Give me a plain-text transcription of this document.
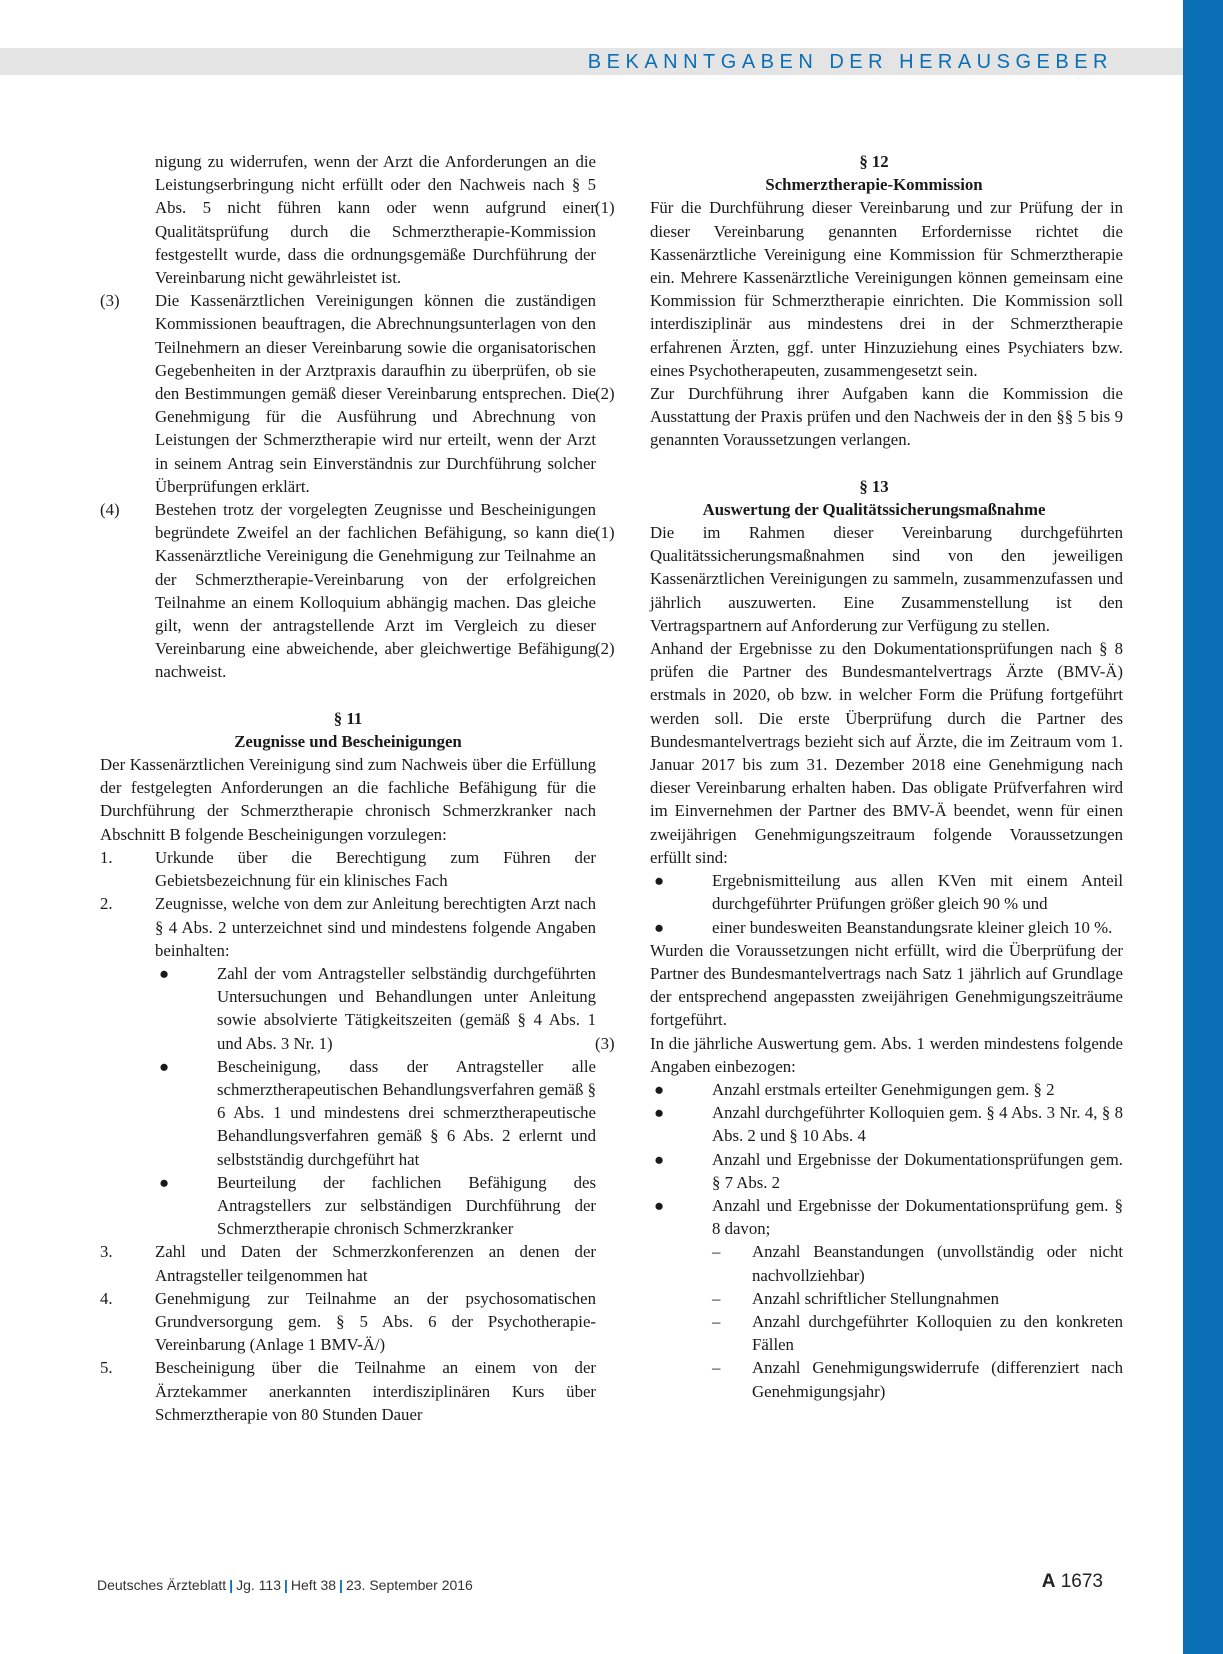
BEKANNTGABEN DER HERAUSGEBER
nigung zu widerrufen, wenn der Arzt die Anforderungen an die Leistungserbringung nicht erfüllt oder den Nachweis nach § 5 Abs. 5 nicht führen kann oder wenn aufgrund einer Qualitätsprüfung durch die Schmerztherapie-Kommission festgestellt wurde, dass die ordnungsgemäße Durchführung der Vereinbarung nicht gewährleistet ist.
(3) Die Kassenärztlichen Vereinigungen können die zuständigen Kommissionen beauftragen, die Abrechnungsunterlagen von den Teilnehmern an dieser Vereinbarung sowie die organisatorischen Gegebenheiten in der Arztpraxis daraufhin zu überprüfen, ob sie den Bestimmungen gemäß dieser Vereinbarung entsprechen. Die Genehmigung für die Ausführung und Abrechnung von Leistungen der Schmerztherapie wird nur erteilt, wenn der Arzt in seinem Antrag sein Einverständnis zur Durchführung solcher Überprüfungen erklärt.
(4) Bestehen trotz der vorgelegten Zeugnisse und Bescheinigungen begründete Zweifel an der fachlichen Befähigung, so kann die Kassenärztliche Vereinigung die Genehmigung zur Teilnahme an der Schmerztherapie-Vereinbarung von der erfolgreichen Teilnahme an einem Kolloquium abhängig machen. Das gleiche gilt, wenn der antragstellende Arzt im Vergleich zu dieser Vereinbarung eine abweichende, aber gleichwertige Befähigung nachweist.
§ 11
Zeugnisse und Bescheinigungen
Der Kassenärztlichen Vereinigung sind zum Nachweis über die Erfüllung der festgelegten Anforderungen an die fachliche Befähigung für die Durchführung der Schmerztherapie chronisch Schmerzkranker nach Abschnitt B folgende Bescheinigungen vorzulegen:
1.	Urkunde über die Berechtigung zum Führen der Gebietsbezeichnung für ein klinisches Fach
2.	Zeugnisse, welche von dem zur Anleitung berechtigten Arzt nach § 4 Abs. 2 unterzeichnet sind und mindestens folgende Angaben beinhalten:
●	Zahl der vom Antragsteller selbständig durchgeführten Untersuchungen und Behandlungen unter Anleitung sowie absolvierte Tätigkeitszeiten (gemäß § 4 Abs. 1 und Abs. 3 Nr. 1)
●	Bescheinigung, dass der Antragsteller alle schmerztherapeutischen Behandlungsverfahren gemäß § 6 Abs. 1 und mindestens drei schmerztherapeutische Behandlungsverfahren gemäß § 6 Abs. 2 erlernt und selbstständig durchgeführt hat
●	Beurteilung der fachlichen Befähigung des Antragstellers zur selbständigen Durchführung der Schmerztherapie chronisch Schmerzkranker
3.	Zahl und Daten der Schmerzkonferenzen an denen der Antragsteller teilgenommen hat
4.	Genehmigung zur Teilnahme an der psychosomatischen Grundversorgung gem. § 5 Abs. 6 der Psychotherapie-Vereinbarung (Anlage 1 BMV-Ä/)
5.	Bescheinigung über die Teilnahme an einem von der Ärztekammer anerkannten interdisziplinären Kurs über Schmerztherapie von 80 Stunden Dauer
§ 12
Schmerztherapie-Kommission
(1) Für die Durchführung dieser Vereinbarung und zur Prüfung der in dieser Vereinbarung genannten Erfordernisse richtet die Kassenärztliche Vereinigung eine Kommission für Schmerztherapie ein. Mehrere Kassenärztliche Vereinigungen können gemeinsam eine Kommission für Schmerztherapie einrichten. Die Kommission soll interdisziplinär aus mindestens drei in der Schmerztherapie erfahrenen Ärzten, ggf. unter Hinzuziehung eines Psychiaters bzw. eines Psychotherapeuten, zusammengesetzt sein.
(2) Zur Durchführung ihrer Aufgaben kann die Kommission die Ausstattung der Praxis prüfen und den Nachweis der in den §§ 5 bis 9 genannten Voraussetzungen verlangen.
§ 13
Auswertung der Qualitätssicherungsmaßnahme
(1) Die im Rahmen dieser Vereinbarung durchgeführten Qualitätssicherungsmaßnahmen sind von den jeweiligen Kassenärztlichen Vereinigungen zu sammeln, zusammenzufassen und jährlich auszuwerten. Eine Zusammenstellung ist den Vertragspartnern auf Anforderung zur Verfügung zu stellen.
(2) Anhand der Ergebnisse zu den Dokumentationsprüfungen nach § 8 prüfen die Partner des Bundesmantelvertrags Ärzte (BMV-Ä) erstmals in 2020, ob bzw. in welcher Form die Prüfung fortgeführt werden soll. Die erste Überprüfung durch die Partner des Bundesmantelvertrags bezieht sich auf Ärzte, die im Zeitraum vom 1. Januar 2017 bis zum 31. Dezember 2018 eine Genehmigung nach dieser Vereinbarung erhalten haben. Das obligate Prüfverfahren wird im Einvernehmen der Partner des BMV-Ä beendet, wenn für einen zweijährigen Genehmigungszeitraum folgende Voraussetzungen erfüllt sind:
●	Ergebnismitteilung aus allen KVen mit einem Anteil durchgeführter Prüfungen größer gleich 90 % und
●	einer bundesweiten Beanstandungsrate kleiner gleich 10 %.
Wurden die Voraussetzungen nicht erfüllt, wird die Überprüfung der Partner des Bundesmantelvertrags nach Satz 1 jährlich auf Grundlage der entsprechend angepassten zweijährigen Genehmigungszeiträume fortgeführt.
(3) In die jährliche Auswertung gem. Abs. 1 werden mindestens folgende Angaben einbezogen:
●	Anzahl erstmals erteilter Genehmigungen gem. § 2
●	Anzahl durchgeführter Kolloquien gem. § 4 Abs. 3 Nr. 4, § 8 Abs. 2 und § 10 Abs. 4
●	Anzahl und Ergebnisse der Dokumentationsprüfungen gem. § 7 Abs. 2
●	Anzahl und Ergebnisse der Dokumentationsprüfung gem. § 8 davon;
– Anzahl Beanstandungen (unvollständig oder nicht nachvollziehbar)
– Anzahl schriftlicher Stellungnahmen
– Anzahl durchgeführter Kolloquien zu den konkreten Fällen
– Anzahl Genehmigungswiderrufe (differenziert nach Genehmigungsjahr)
Deutsches Ärzteblatt | Jg. 113 | Heft 38 | 23. September 2016	A 1673
